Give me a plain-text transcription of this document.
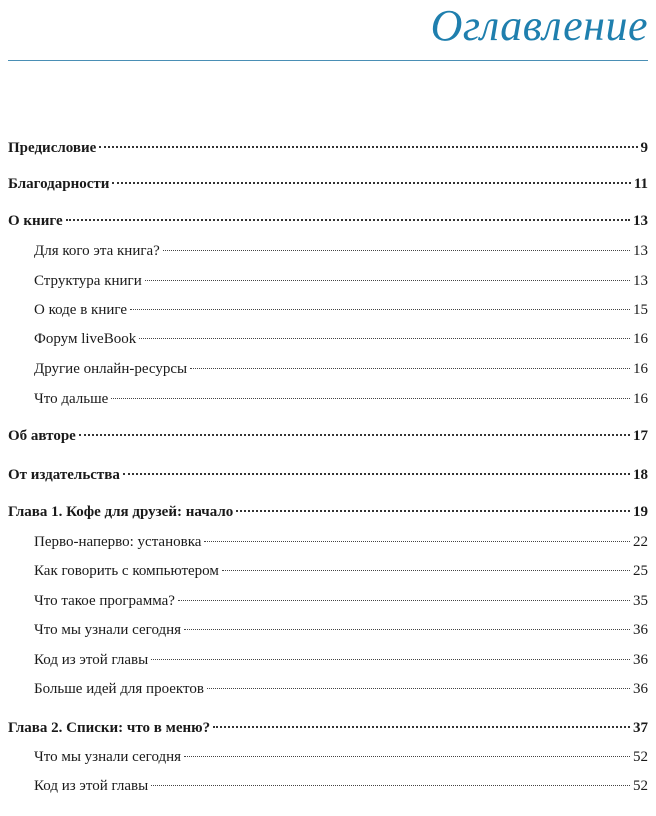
Оглавление
Предисловие	9
Благодарности	11
О книге	13
Для кого эта книга?	13
Структура книги	13
О коде в книге	15
Форум liveBook	16
Другие онлайн-ресурсы	16
Что дальше	16
Об авторе	17
От издательства	18
Глава 1. Кофе для друзей: начало	19
Перво-наперво: установка	22
Как говорить с компьютером	25
Что такое программа?	35
Что мы узнали сегодня	36
Код из этой главы	36
Больше идей для проектов	36
Глава 2. Списки: что в меню?	37
Что мы узнали сегодня	52
Код из этой главы	52
